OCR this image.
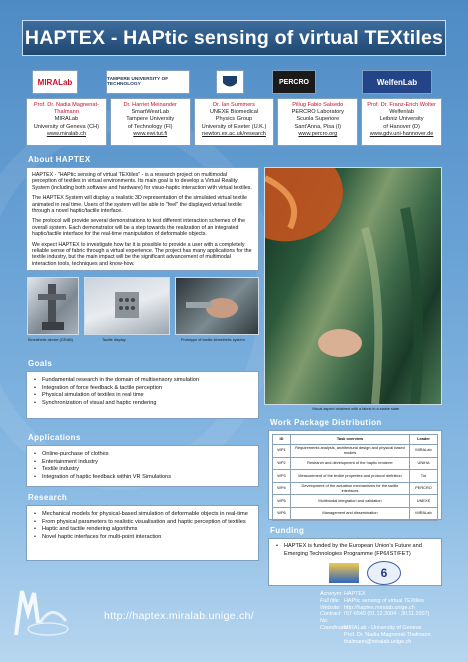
HAPTEX - HAPtic sensing of virtual TEXtiles
MIRALab	TAMPERE UNIVERSITY OF TECHNOLOGY	PERCRO	WelfenLab
Prof. Dr. Nadia Magnenat-Thalmann
MIRALab
University of Geneva (CH)
www.miralab.ch
Dr. Harriet Meinander
SmartWearLab
Tampere University
of Technology (FI)
www.ewi.tut.fi
Dr. Ian Summers
UNEXE Biomedical
Physics Group
University of Exeter (U.K.)
newton.ex.ac.uk/research
Pillug Fabio Salsedo
PERCRO Laboratory
Scuola Superiore
Sant'Anna, Pisa (I)
www.percro.org
Prof. Dr. Franz-Erich Wolter
Welfenlab
Leibniz University
of Hanover (D)
www.gdv.uni-hannover.de
About HAPTEX

HAPTEX - "HAPtic sensing of virtual TEXtiles" - is a research project on multimodal perception of textiles in virtual environments. Its main goal is to develop a Virtual Reality System (including both software and hardware) for visuo-haptic interaction with virtual textiles.

The HAPTEX System will display a realistic 3D representation of the simulated virtual textile animated in real time. Users of the system will be able to "feel" the displayed virtual textile through a novel haptic/tactile interface.

The protocol will provide several demonstrations to test different interaction schemes of the overall system. Each demonstrator will be a step towards the realization of an integrated haptic/tactile interface for the real-time manipulation of deformable objects.

We expect HAPTEX to investigate how far it is possible to provide a user with a completely reliable sense of fabric through a virtual experience. The project has many applications for the textile industry, but the main impact will be the significant advancement of multimodal interaction tools, techniques and know-how.

Kinesthetic device (GRAB)	Tactile display	Prototype of tactile-kinesthetic system
Visual aspect obtained with a fabric in a stable state
Goals
• Fundamental research in the domain of multisensory simulation
• Integration of force feedback & tactile perception
• Physical simulation of textiles in real time
• Synchronization of visual and haptic rendering
Applications
• Online-purchase of clothes
• Entertainment industry
• Textile industry
• Integration of haptic feedback within VR Simulations
Research
• Mechanical models for physical-based simulation of deformable objects in real-time
• From physical parameters to realistic visualisation and haptic perception of textiles
• Haptic and tactile rendering algorithms
• Novel haptic interfaces for multi-point interaction
Work Package Distribution
ID	Task overview	Leader
WP1	Requirements analysis, architectural design and physical based models	MIRALab
WP2	Research and development of the haptic renderer	UNIHA
WP3	Measurement of the textile properties and protocol definition	Tut
WP4	Development of the actuation mechanisms for the tactile interfaces	PERCRO
WP5	Multimodal integration and validation	UNEXE
WP6	Management and dissemination	MIRALab
Funding
• HAPTEX is funded by the European Union's Future and Emerging Technologies Programme (FP6/IST/FET)
6
http://haptex.miralab.unige.ch/
Acronym: HAPTEX
Full title: HAPtic sensing of virtual TEXtiles
Website: http://haptex.miralab.unige.ch
Contract No:
IST-6549 (01.12.2004 - 30.11.2007)
Coordinator:
MIRALab - University of Geneva
Prof. Dr. Nadia Magnenat-Thalmann
thalmann@miralab.unige.ch
